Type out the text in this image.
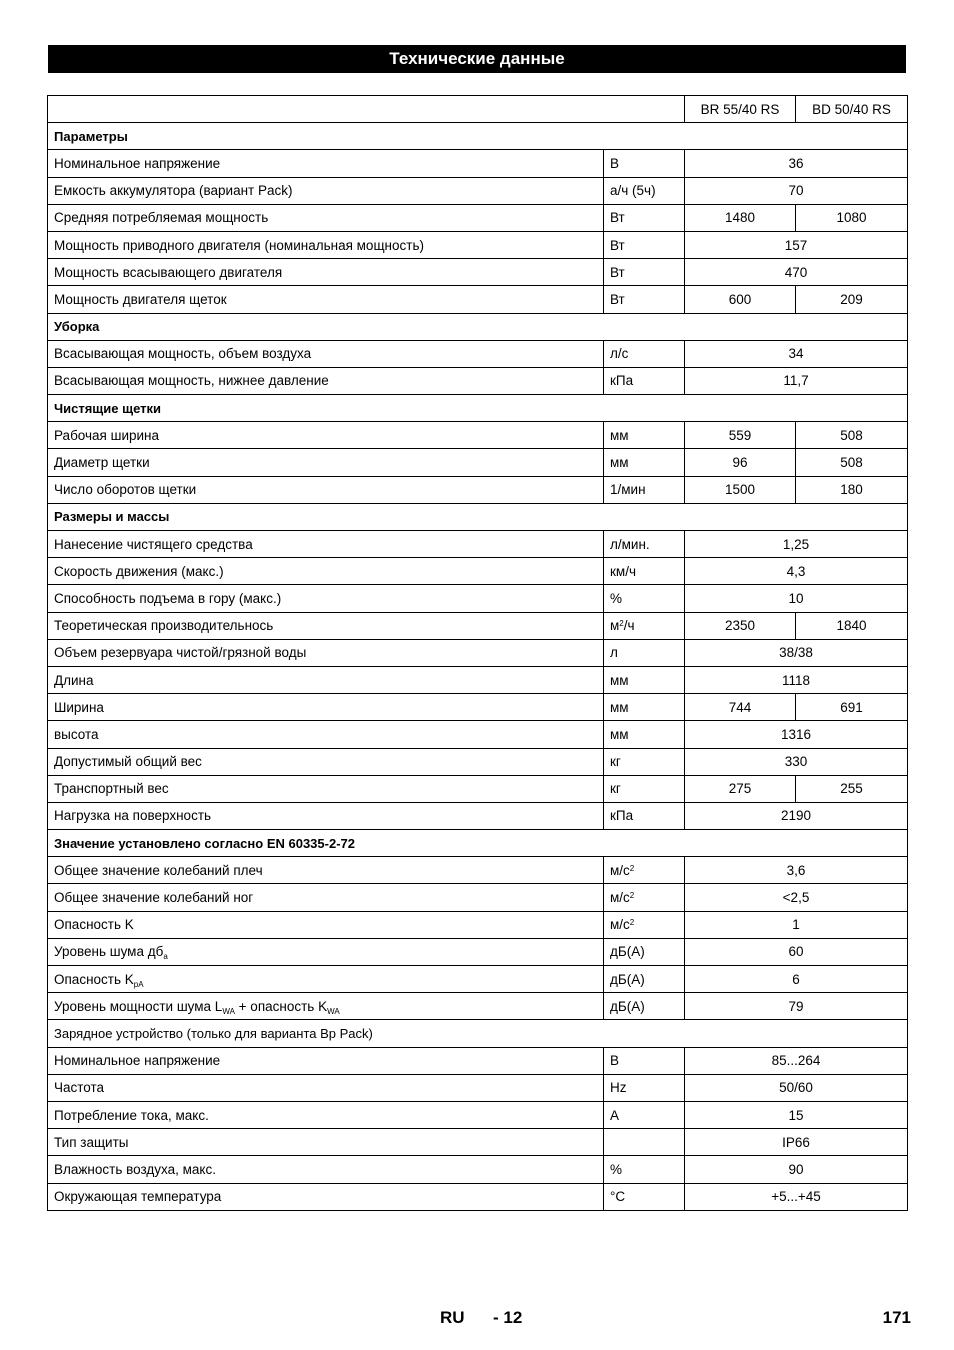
Технические данные
		BR 55/40 RS	BD 50/40 RS
Параметры			
Номинальное напряжение	В	36	
Емкость аккумулятора (вариант Pack)	а/ч (5ч)	70	
Средняя потребляемая мощность	Вт	1480	1080
Мощность приводного двигателя (номинальная мощность)	Вт	157	
Мощность всасывающего двигателя	Вт	470	
Мощность двигателя щеток	Вт	600	209
Уборка			
Всасывающая мощность, объем воздуха	л/с	34	
Всасывающая мощность, нижнее давление	кПа	11,7	
Чистящие щетки			
Рабочая ширина	мм	559	508
Диаметр щетки	мм	96	508
Число оборотов щетки	1/мин	1500	180
Размеры и массы			
Нанесение чистящего средства	л/мин.	1,25	
Скорость движения (макс.)	км/ч	4,3	
Способность подъема в гору (макс.)	%	10	
Теоретическая производительнось	$м^2/ч$	2350	1840
Объем резервуара чистой/грязной воды	л	38/38	
Длина	мм	1118	
Ширина	мм	744	691
высота	мм	1316	
Допустимый общий вес	кг	330	
Транспортный вес	кг	275	255
Нагрузка на поверхность	кПа	2190	
Значение установлено согласно EN 60335-2-72			
Общее значение колебаний плеч	$м/с^2$	3,6	
Общее значение колебаний ног	$м/с^2$	<2,5	
Опасность K	$м/с^2$	1	
Уровень шума $дб_a$	дБ(А)	60	
Опасность $K_{pA}$	дБ(А)	6	
Уровень мощности шума $L_{WA}$ + опасность $K_{WA}$	дБ(А)	79	
Зарядное устройство (только для варианта Bp Pack)			
Номинальное напряжение	В	85...264	
Частота	Hz	50/60	
Потребление тока, макс.	A	15	
Тип защиты		IP66	
Влажность воздуха, макс.	%	90	
Окружающая температура	°C	+5...+45	
RU - 12	171
